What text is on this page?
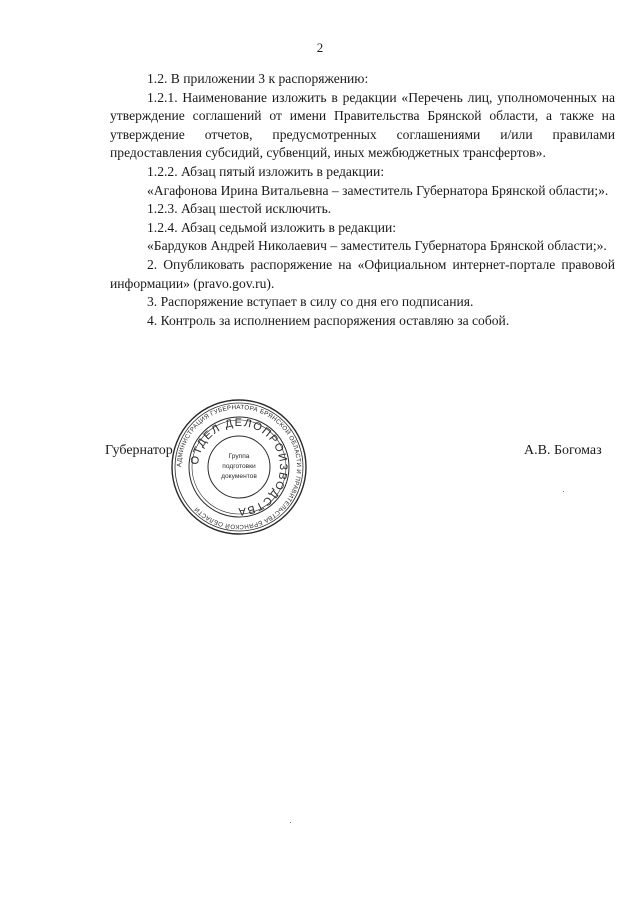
2

1.2. В приложении 3 к распоряжению:

1.2.1. Наименование изложить в редакции «Перечень лиц, уполномоченных на утверждение соглашений от имени Правительства Брянской области, а также на утверждение отчетов, предусмотренных соглашениями и/или правилами предоставления субсидий, субвенций, иных межбюджетных трансфертов».

1.2.2. Абзац пятый изложить в редакции:

«Агафонова Ирина Витальевна – заместитель Губернатора Брянской области;».

1.2.3. Абзац шестой исключить.

1.2.4. Абзац седьмой изложить в редакции:

«Бардуков Андрей Николаевич – заместитель Губернатора Брянской области;».

2. Опубликовать распоряжение на «Официальном интернет-портале правовой информации» (pravo.gov.ru).

3. Распоряжение вступает в силу со дня его подписания.

4. Контроль за исполнением распоряжения оставляю за собой.

Губернатор	А.В. Богомаз
АДМИНИСТРАЦИЯ ГУБЕРНАТОРА БРЯНСКОЙ ОБЛАСТИ И ПРАВИТЕЛЬСТВА БРЯНСКОЙ ОБЛАСТИ
ОТДЕЛ ДЕЛОПРОИЗВОДСТВА
Группа
подготовки
документов
